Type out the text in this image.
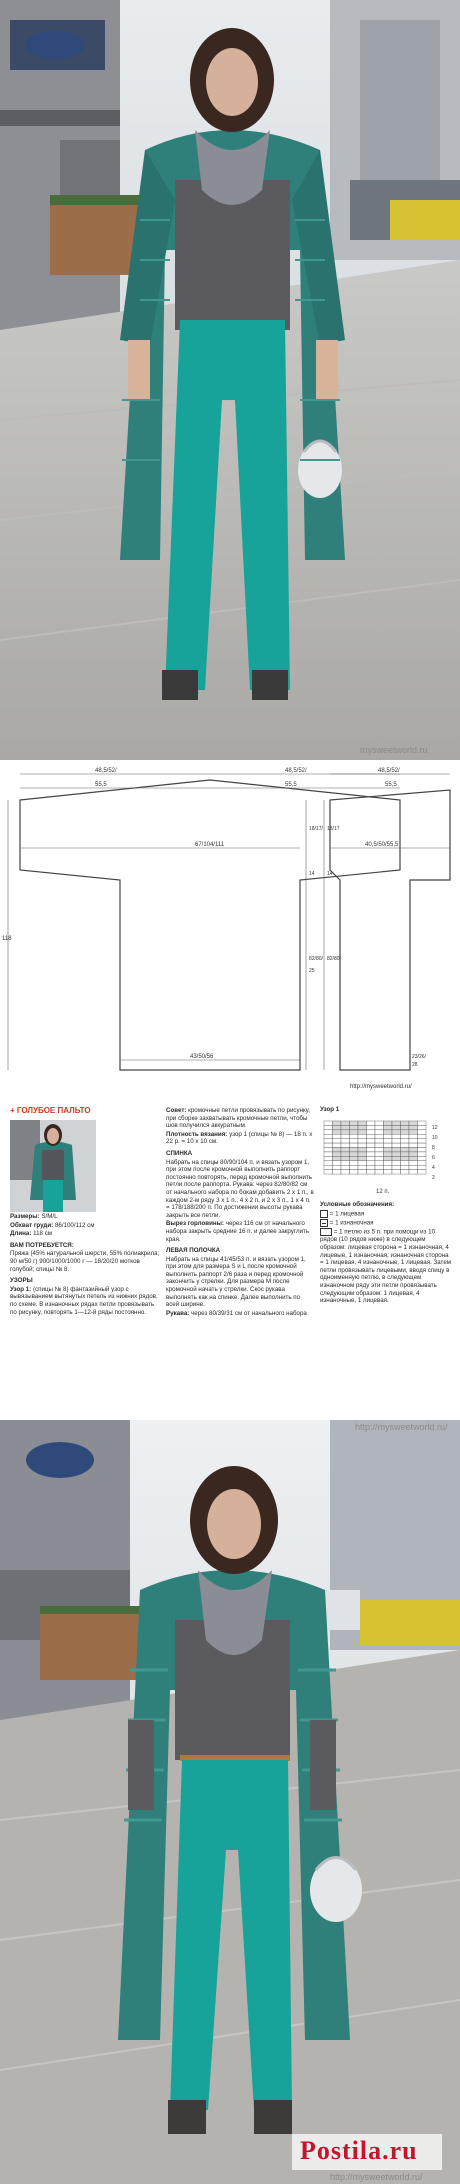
mysweetworld.ru
48,5/52/
55,5
48,5/52/
55,5
67/104/111
43/50/56
118
18/17/
14
82/80/
25
48,5/52/
55,5
40,5/50/55,5
18/17
14
82/80/
23/26/
28
http://mysweetworld.ru/
+ ГОЛУБОЕ ПАЛЬТО
Размеры: S/M/L
Обхват груди: 86/100/112 см
Длина: 118 см
ВАМ ПОТРЕБУЕТСЯ:
Пряжа (45% натуральной шерсти, 55% полиакрила; 90 м/50 г) 900/1000/1000 г — 18/20/20 мотков голубой; спицы № 8.
УЗОРЫ
Узор 1: (спицы № 8) фантазийный узор с вывязыванием вытянутых петель из нижних рядов, по схеме. В изнаночных рядах петли провязывать по рисунку, повторять 1—12-й ряды постоянно.
Совет: кромочные петли провязывать по рисунку, при сборке захватывать кромочные петли, чтобы шов получился аккуратным.
Плотность вязания: узор 1 (спицы № 8) — 18 п. х 22 р. = 10 х 10 см.
СПИНКА
Набрать на спицы 80/90/104 п. и вязать узором 1, при этом после кромочной выполнить раппорт постоянно повторять, перед кромочной выполнить петли после раппорта. Рукава: через 82/80/82 см от начального набора по бокам добавить 2 х 1 п., в каждом 2-м ряду 3 х 1 п., 4 х 2 п. и 2 х 3 п., 1 х 4 п. = 178/188/200 п. По достижении высоты рукава закрыть все петли.
Вырез горловины: через 116 см от начального набора закрыть средние 16 п. и далее закруглить края.
ЛЕВАЯ ПОЛОЧКА
Набрать на спицы 41/45/53 п. и вязать узором 1, при этом для размера S и L после кромочной выполнить раппорт 2/6 раза и перед кромочной закончить у стрелки. Для размера M после кромочной начать у стрелки. Скос рукава выполнять как на спинке. Далее выполнить по всей ширине.
Рукава: через 80/39/31 см от начального набора
Узор 1
12 п.
12
10
8
6
4
2
Условные обозначения:
= 1 лицевая
= 1 изнаночная
= 1 петлю из 5 п. при помощи из 10 рядов (10 рядов ниже) в следующем образом: лицевая сторона = 1 изнаночная, 4 лицевые, 1 изнаночная, изнаночная сторона = 1 лицевая, 4 изнаночные, 1 лицевая. Затем петли провязывать лицевыми, вводя спицу в одноименную петлю, в следующем изнаночном ряду эти петли провязывать следующим образом: 1 лицевая, 4 изнаночные, 1 лицевая.
http://mysweetworld.ru/
Postila.ru
http://mysweetworld.ru/
